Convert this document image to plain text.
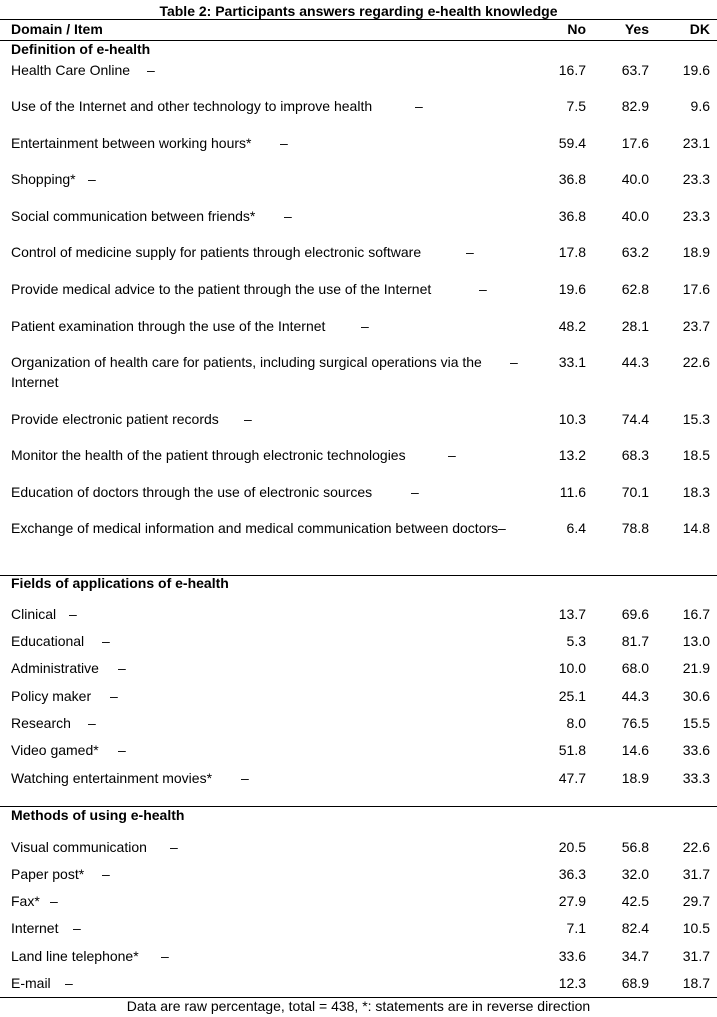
Table 2: Participants answers regarding e-health knowledge
Domain / Item	No	Yes	DK
Definition of e-health
Health Care Online	–	16.7	63.7	19.6
Use of the Internet and other technology to improve health	–	7.5	82.9	9.6
Entertainment between working hours*	–	59.4	17.6	23.1
Shopping* –	36.8	40.0	23.3
Social communication between friends*	–	36.8	40.0	23.3
Control of medicine supply for patients through electronic software	–	17.8	63.2	18.9
Provide medical advice to the patient through the use of the Internet	–	19.6	62.8	17.6
Patient examination through the use of the Internet	–	48.2	28.1	23.7
Organization of health care for patients, including surgical operations via the Internet
–	33.1	44.3	22.6
Provide electronic patient records	–	10.3	74.4	15.3
Monitor the health of the patient through electronic technologies	–	13.2	68.3	18.5
Education of doctors through the use of electronic sources	–	11.6	70.1	18.3
Exchange of medical information and medical communication between doctors –	6.4	78.8	14.8
Fields of applications of e-health
Clinical –	13.7	69.6	16.7
Educational	–	5.3	81.7	13.0
Administrative	–	10.0	68.0	21.9
Policy maker	–	25.1	44.3	30.6
Research	–	8.0	76.5	15.5
Video gamed*	–	51.8	14.6	33.6
Watching entertainment movies*	–	47.7	18.9	33.3
Methods of using e-health
Visual communication	–	20.5	56.8	22.6
Paper post*	–	36.3	32.0	31.7
Fax* –	27.9	42.5	29.7
Internet	–	7.1	82.4	10.5
Land line telephone*	–	33.6	34.7	31.7
E-mail	–	12.3	68.9	18.7
Data are raw percentage, total = 438, *: statements are in reverse direction
